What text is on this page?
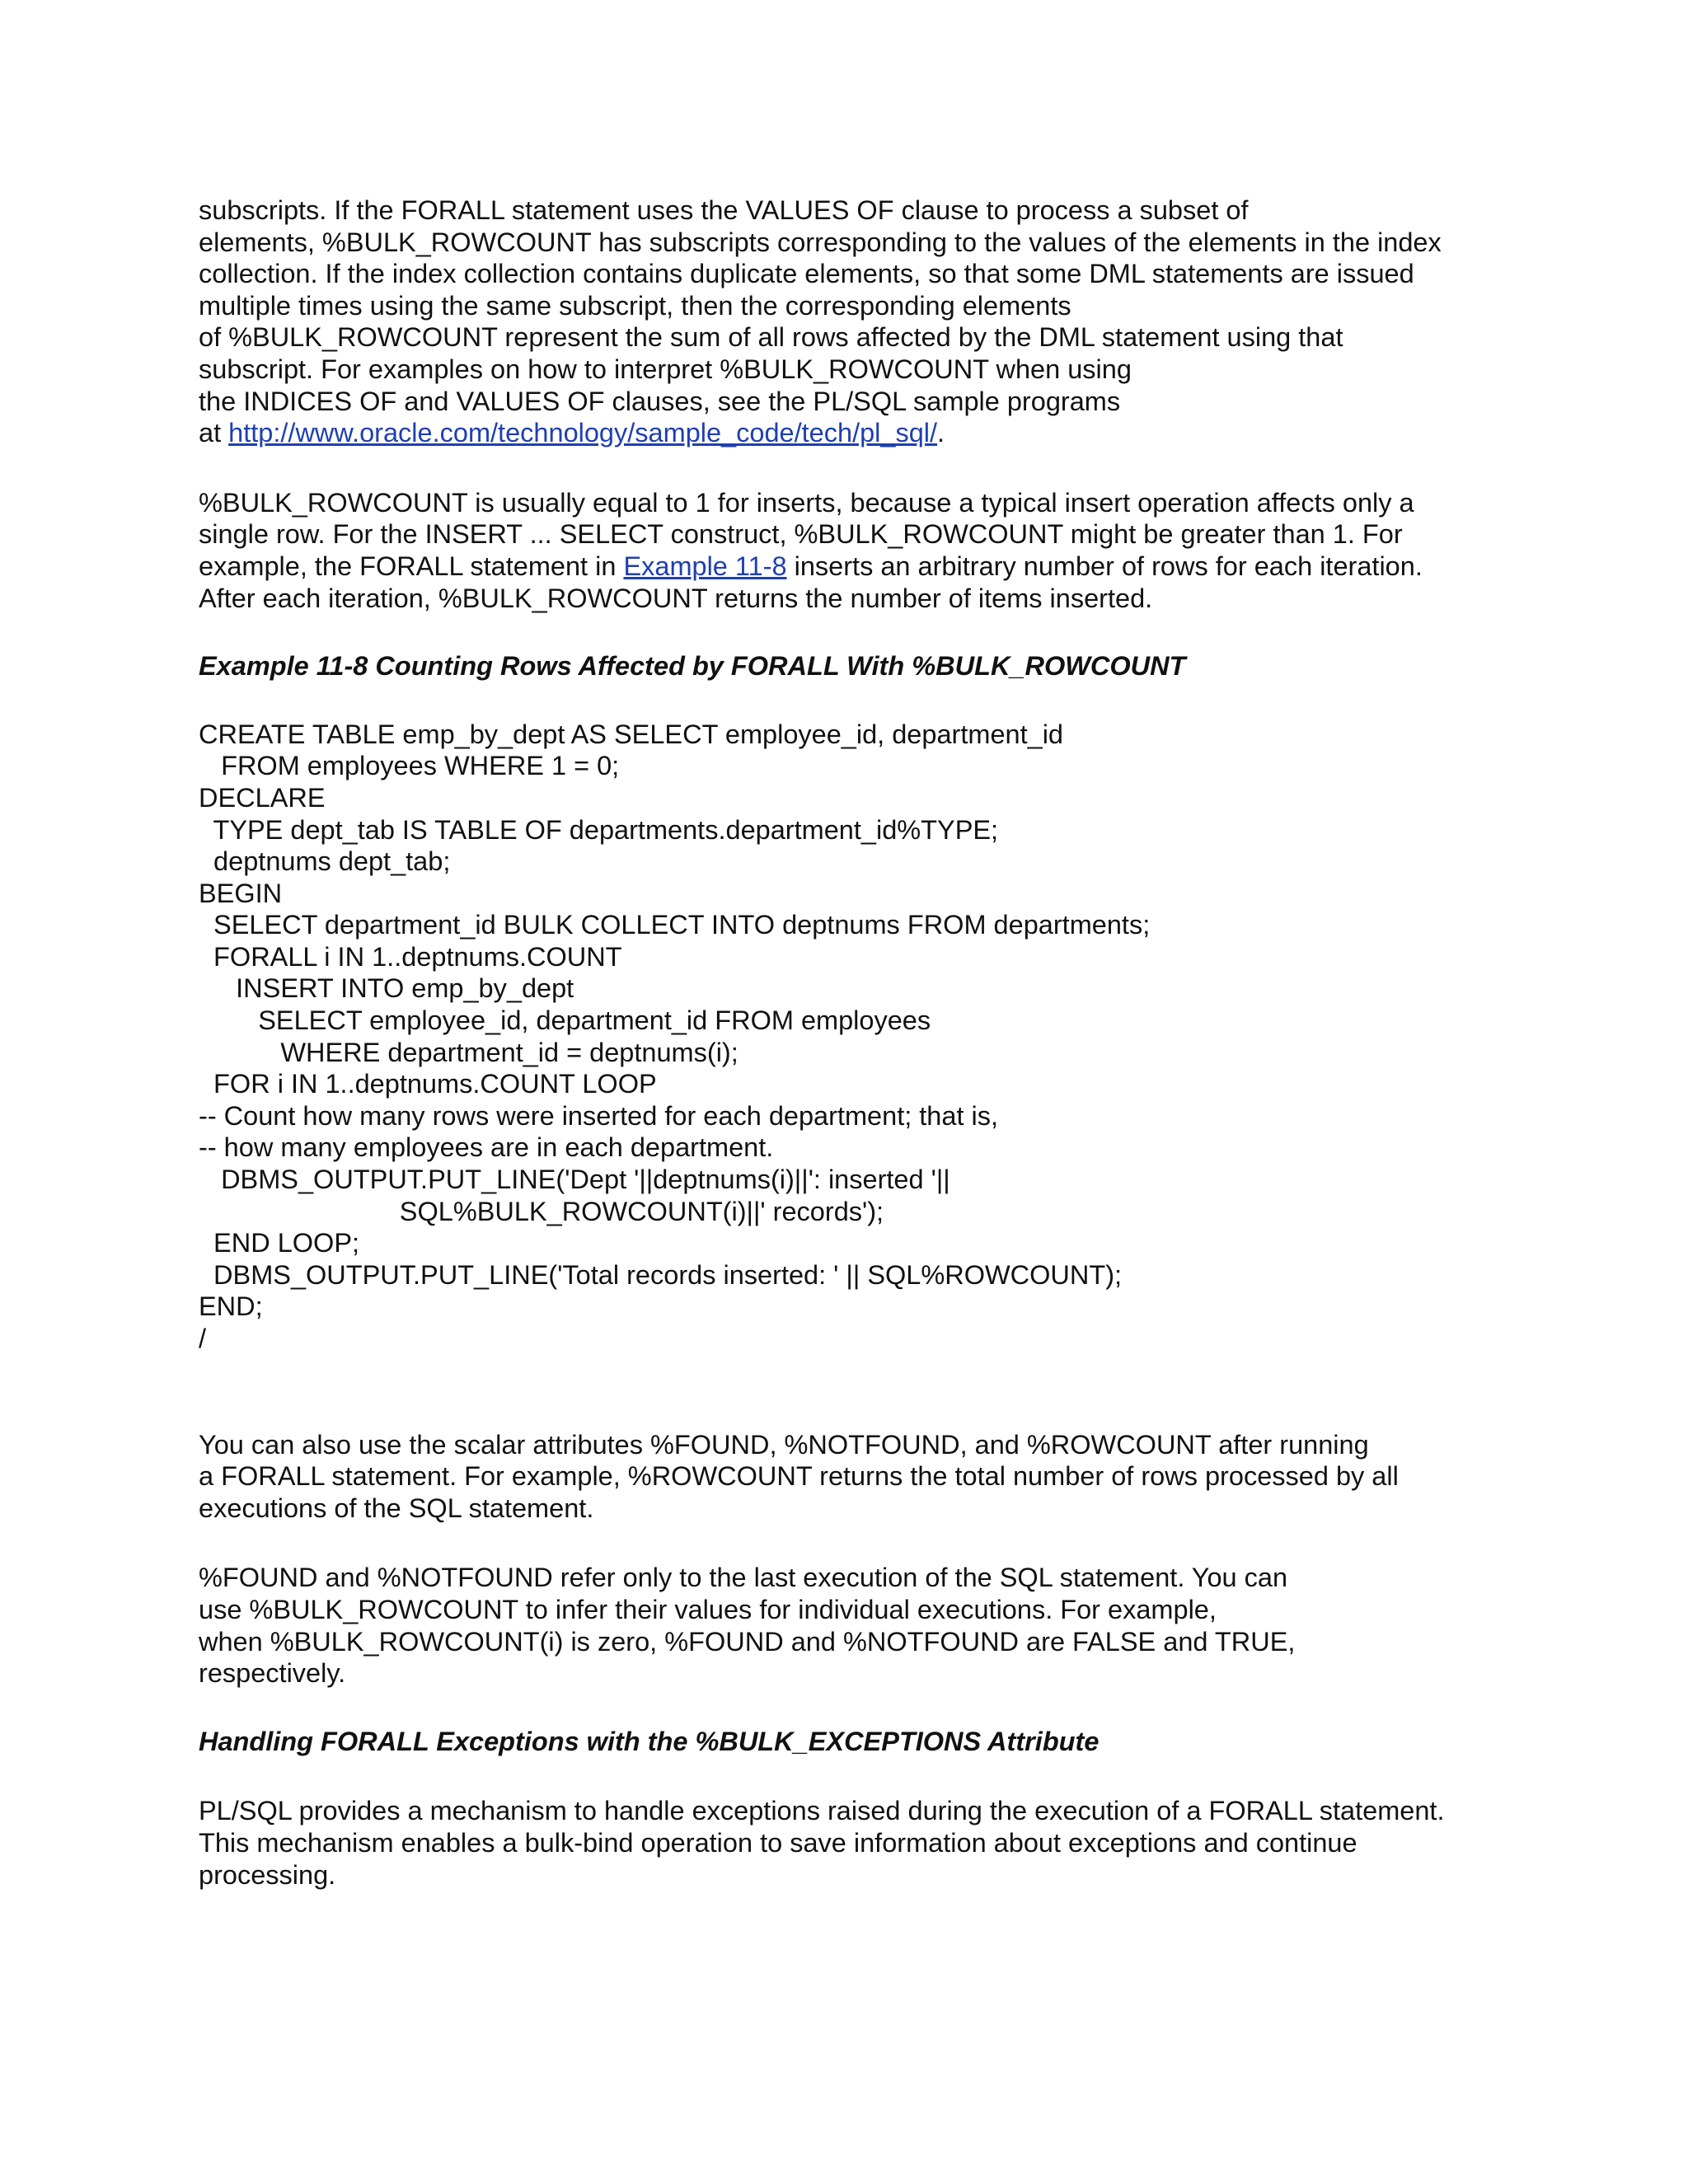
subscripts. If the FORALL statement uses the VALUES OF clause to process a subset of
elements, %BULK_ROWCOUNT has subscripts corresponding to the values of the elements in the index
collection. If the index collection contains duplicate elements, so that some DML statements are issued
multiple times using the same subscript, then the corresponding elements
of %BULK_ROWCOUNT represent the sum of all rows affected by the DML statement using that
subscript. For examples on how to interpret %BULK_ROWCOUNT when using
the INDICES OF and VALUES OF clauses, see the PL/SQL sample programs
at http://www.oracle.com/technology/sample_code/tech/pl_sql/.
%BULK_ROWCOUNT is usually equal to 1 for inserts, because a typical insert operation affects only a
single row. For the INSERT ... SELECT construct, %BULK_ROWCOUNT might be greater than 1. For
example, the FORALL statement in Example 11-8 inserts an arbitrary number of rows for each iteration.
After each iteration, %BULK_ROWCOUNT returns the number of items inserted.
Example 11-8 Counting Rows Affected by FORALL With %BULK_ROWCOUNT
CREATE TABLE emp_by_dept AS SELECT employee_id, department_id
FROM employees WHERE 1 = 0;
DECLARE
TYPE dept_tab IS TABLE OF departments.department_id%TYPE;
deptnums dept_tab;
BEGIN
SELECT department_id BULK COLLECT INTO deptnums FROM departments;
FORALL i IN 1..deptnums.COUNT
INSERT INTO emp_by_dept
SELECT employee_id, department_id FROM employees
WHERE department_id = deptnums(i);
FOR i IN 1..deptnums.COUNT LOOP
-- Count how many rows were inserted for each department; that is,
-- how many employees are in each department.
DBMS_OUTPUT.PUT_LINE('Dept '||deptnums(i)||': inserted '||
SQL%BULK_ROWCOUNT(i)||' records');
END LOOP;
DBMS_OUTPUT.PUT_LINE('Total records inserted: ' || SQL%ROWCOUNT);
END;
/
You can also use the scalar attributes %FOUND, %NOTFOUND, and %ROWCOUNT after running
a FORALL statement. For example, %ROWCOUNT returns the total number of rows processed by all
executions of the SQL statement.
%FOUND and %NOTFOUND refer only to the last execution of the SQL statement. You can
use %BULK_ROWCOUNT to infer their values for individual executions. For example,
when %BULK_ROWCOUNT(i) is zero, %FOUND and %NOTFOUND are FALSE and TRUE,
respectively.
Handling FORALL Exceptions with the %BULK_EXCEPTIONS Attribute
PL/SQL provides a mechanism to handle exceptions raised during the execution of a FORALL statement.
This mechanism enables a bulk-bind operation to save information about exceptions and continue
processing.
